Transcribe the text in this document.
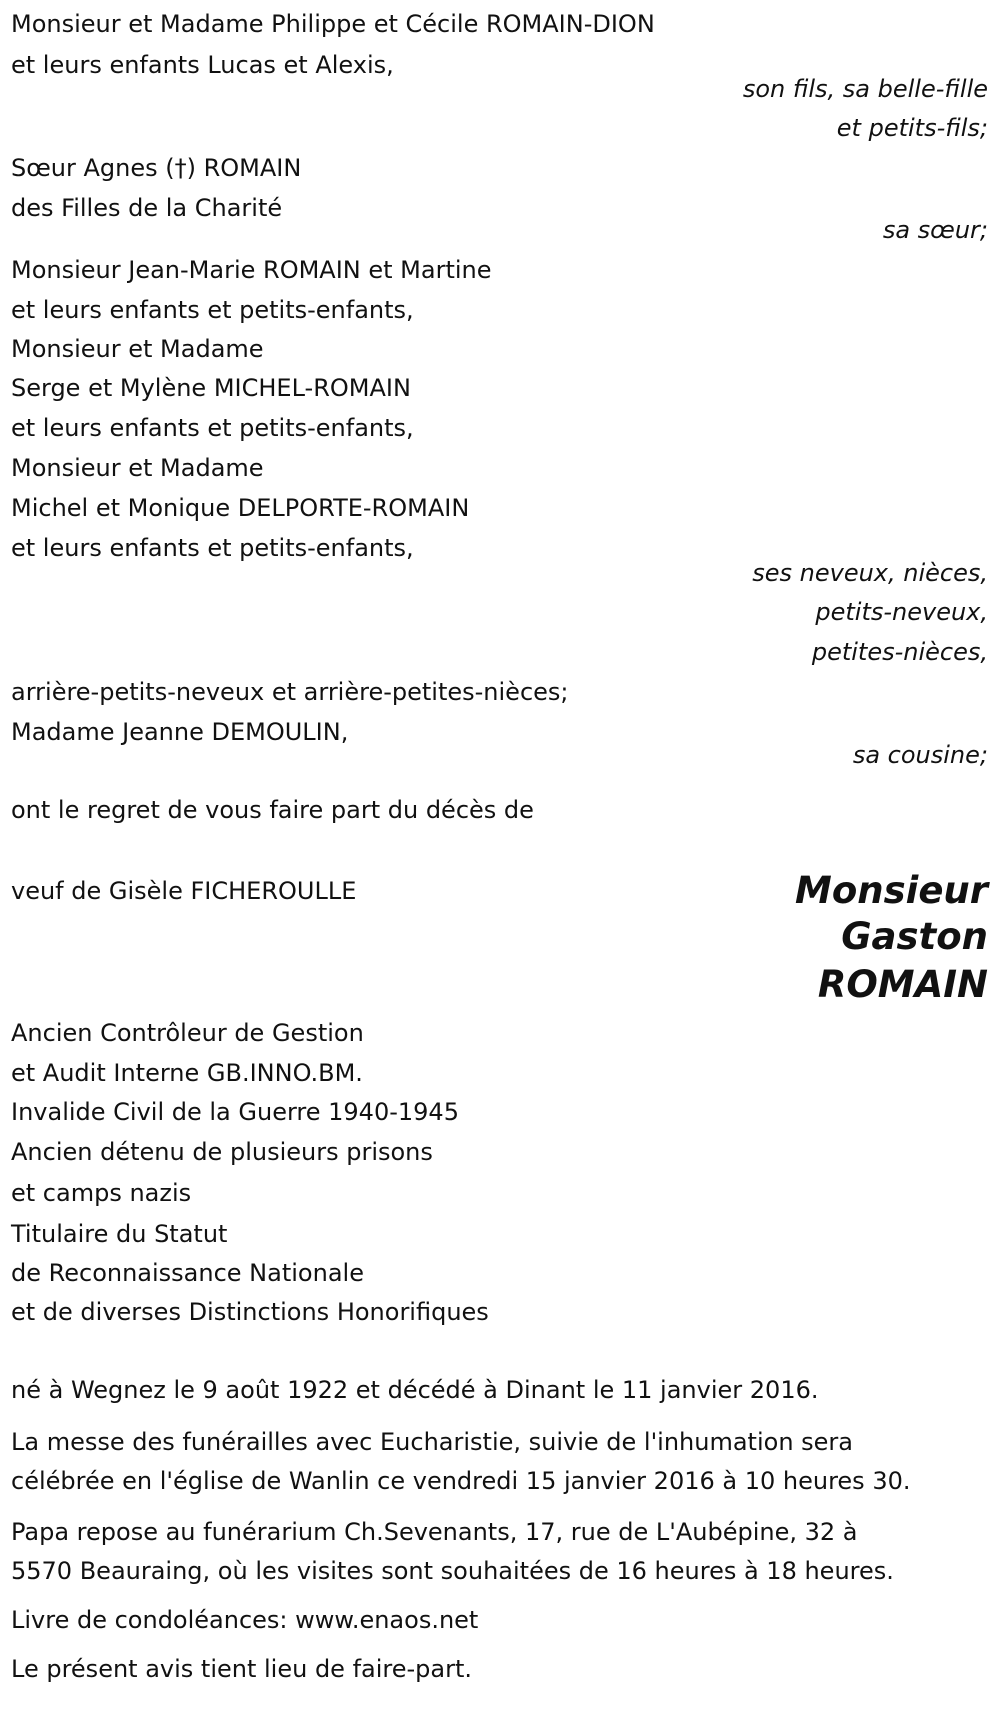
Monsieur et Madame Philippe et Cécile ROMAIN-DION
et leurs enfants Lucas et Alexis,
son fils, sa belle-fille
et petits-fils;
Sœur Agnes (†) ROMAIN
des Filles de la Charité
sa sœur;
Monsieur Jean-Marie ROMAIN et Martine
et leurs enfants et petits-enfants,
Monsieur et Madame
Serge et Mylène MICHEL-ROMAIN
et leurs enfants et petits-enfants,
Monsieur et Madame
Michel et Monique DELPORTE-ROMAIN
et leurs enfants et petits-enfants,
ses neveux, nièces,
petits-neveux,
petites-nièces,
arrière-petits-neveux et arrière-petites-nièces;
Madame Jeanne DEMOULIN,
sa cousine;
ont le regret de vous faire part du décès de
veuf de Gisèle FICHEROULLE	Monsieur
Gaston
ROMAIN
Ancien Contrôleur de Gestion
et Audit Interne GB.INNO.BM.
Invalide Civil de la Guerre 1940-1945
Ancien détenu de plusieurs prisons
et camps nazis
Titulaire du Statut
de Reconnaissance Nationale
et de diverses Distinctions Honorifiques
né à Wegnez le 9 août 1922 et décédé à Dinant le 11 janvier 2016.
La messe des funérailles avec Eucharistie, suivie de l'inhumation sera
célébrée en l'église de Wanlin ce vendredi 15 janvier 2016 à 10 heures 30.
Papa repose au funérarium Ch.Sevenants, 17, rue de L'Aubépine, 32 à
5570 Beauraing, où les visites sont souhaitées de 16 heures à 18 heures.
Livre de condoléances: www.enaos.net
Le présent avis tient lieu de faire-part.
